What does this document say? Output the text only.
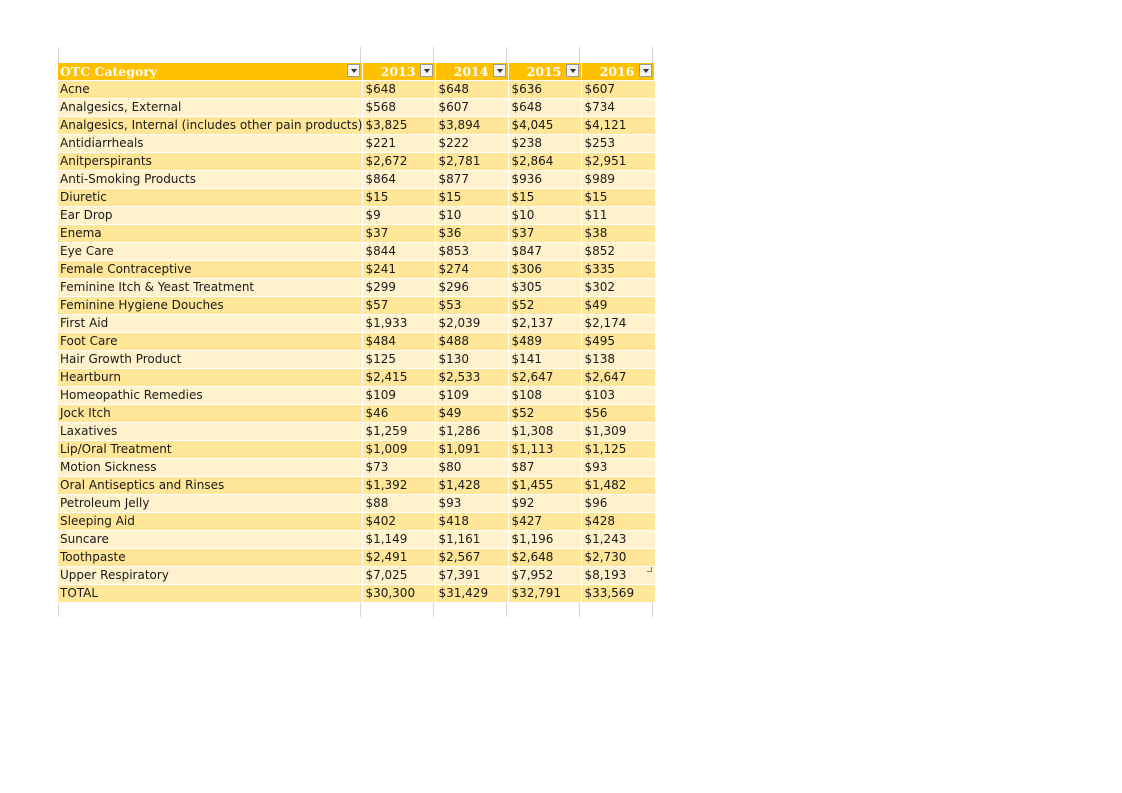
OTC Category	2013	2014	2015	2016

Acne	$648	$648	$636	$607
Analgesics, External	$568	$607	$648	$734
Analgesics, Internal (includes other pain products)	$3,825	$3,894	$4,045	$4,121
Antidiarrheals	$221	$222	$238	$253
Anitperspirants	$2,672	$2,781	$2,864	$2,951
Anti-Smoking Products	$864	$877	$936	$989
Diuretic	$15	$15	$15	$15
Ear Drop	$9	$10	$10	$11
Enema	$37	$36	$37	$38
Eye Care	$844	$853	$847	$852
Female Contraceptive	$241	$274	$306	$335
Feminine Itch & Yeast Treatment	$299	$296	$305	$302
Feminine Hygiene Douches	$57	$53	$52	$49
First Aid	$1,933	$2,039	$2,137	$2,174
Foot Care	$484	$488	$489	$495
Hair Growth Product	$125	$130	$141	$138
Heartburn	$2,415	$2,533	$2,647	$2,647
Homeopathic Remedies	$109	$109	$108	$103
Jock Itch	$46	$49	$52	$56
Laxatives	$1,259	$1,286	$1,308	$1,309
Lip/Oral Treatment	$1,009	$1,091	$1,113	$1,125
Motion Sickness	$73	$80	$87	$93
Oral Antiseptics and Rinses	$1,392	$1,428	$1,455	$1,482
Petroleum Jelly	$88	$93	$92	$96
Sleeping Aid	$402	$418	$427	$428
Suncare	$1,149	$1,161	$1,196	$1,243
Toothpaste	$2,491	$2,567	$2,648	$2,730
Upper Respiratory	$7,025	$7,391	$7,952	$8,193
TOTAL	$30,300	$31,429	$32,791	$33,569
